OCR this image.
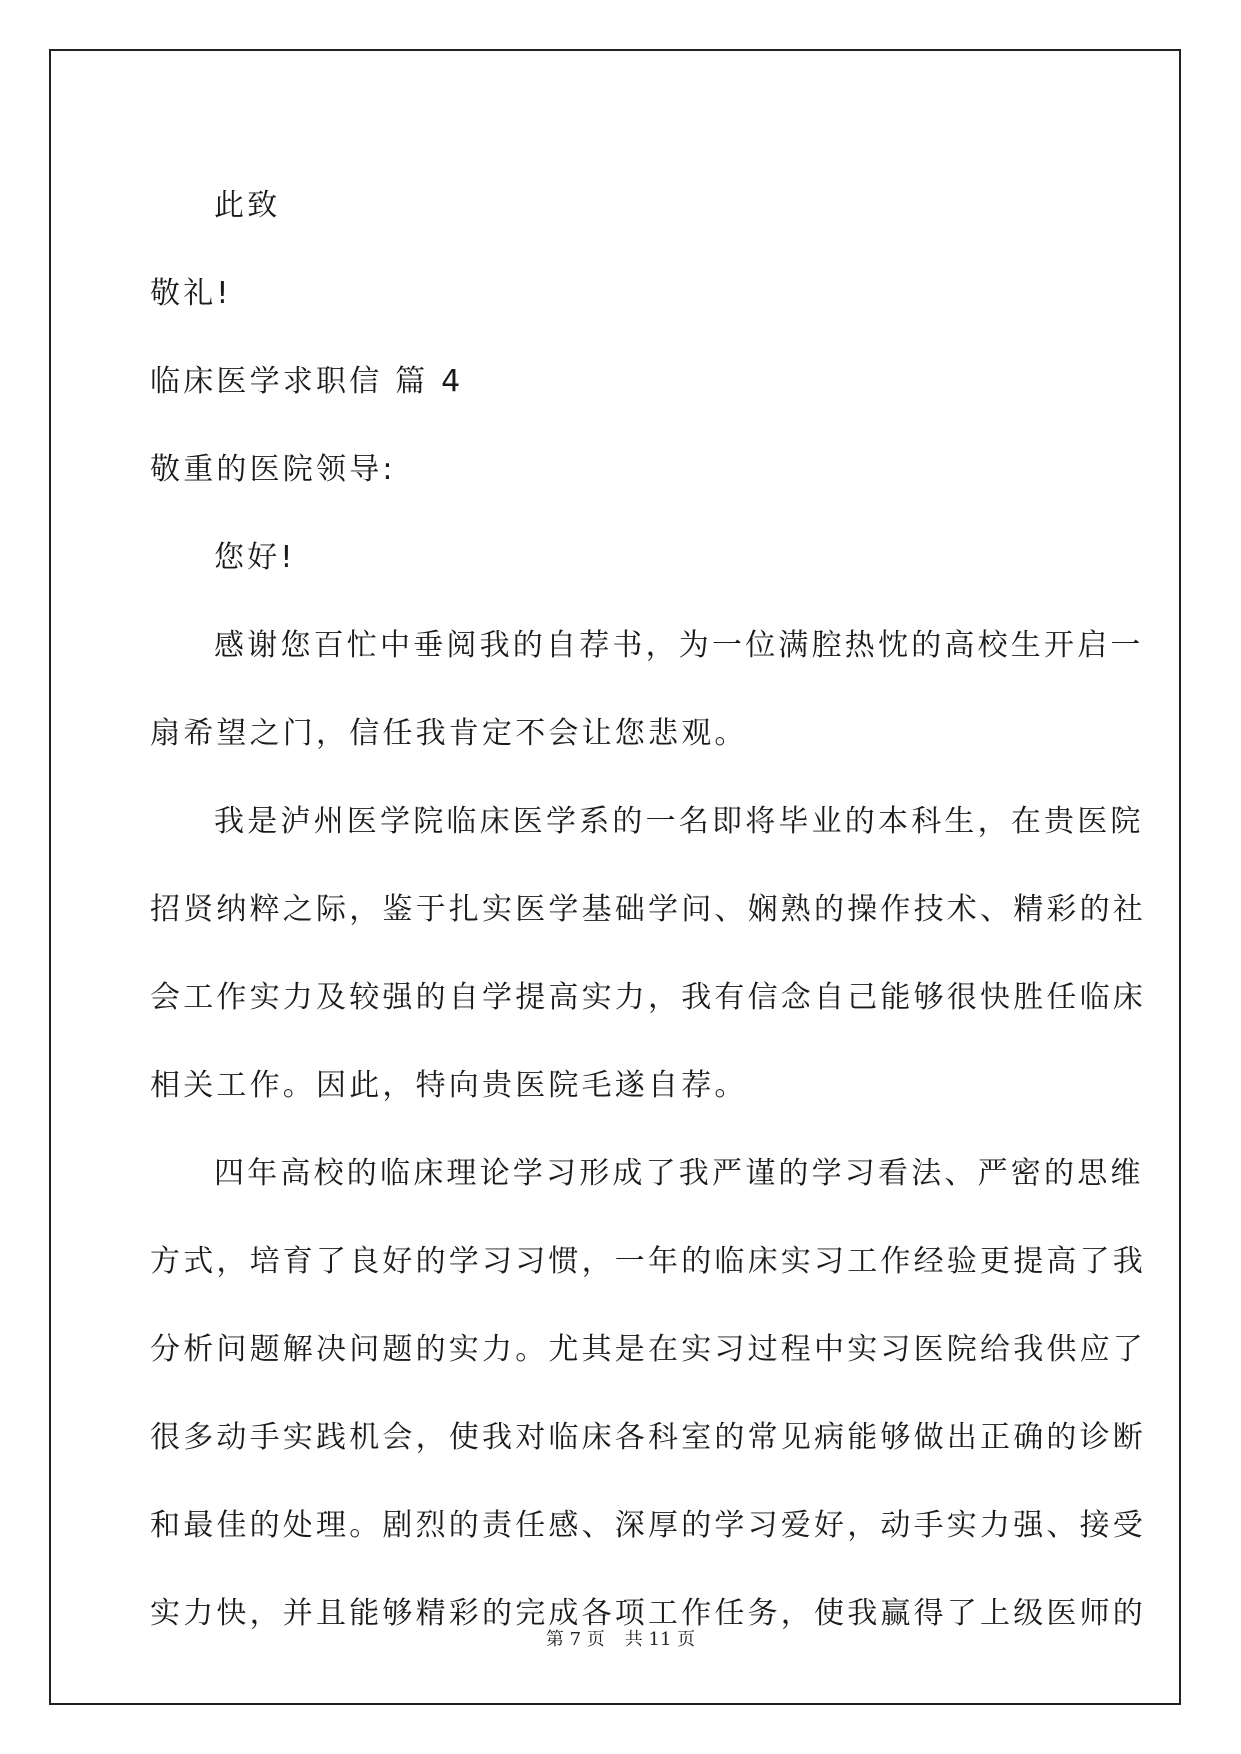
此致
敬礼!
临床医学求职信 篇 4
敬重的医院领导:
您好!
感谢您百忙中垂阅我的自荐书，为一位满腔热忱的高校生开启一
扇希望之门，信任我肯定不会让您悲观。
我是泸州医学院临床医学系的一名即将毕业的本科生，在贵医院
招贤纳粹之际，鉴于扎实医学基础学问、娴熟的操作技术、精彩的社
会工作实力及较强的自学提高实力，我有信念自己能够很快胜任临床
相关工作。因此，特向贵医院毛遂自荐。
四年高校的临床理论学习形成了我严谨的学习看法、严密的思维
方式，培育了良好的学习习惯，一年的临床实习工作经验更提高了我
分析问题解决问题的实力。尤其是在实习过程中实习医院给我供应了
很多动手实践机会，使我对临床各科室的常见病能够做出正确的诊断
和最佳的处理。剧烈的责任感、深厚的学习爱好，动手实力强、接受
实力快，并且能够精彩的完成各项工作任务，使我赢得了上级医师的
第 7 页 共 11 页
